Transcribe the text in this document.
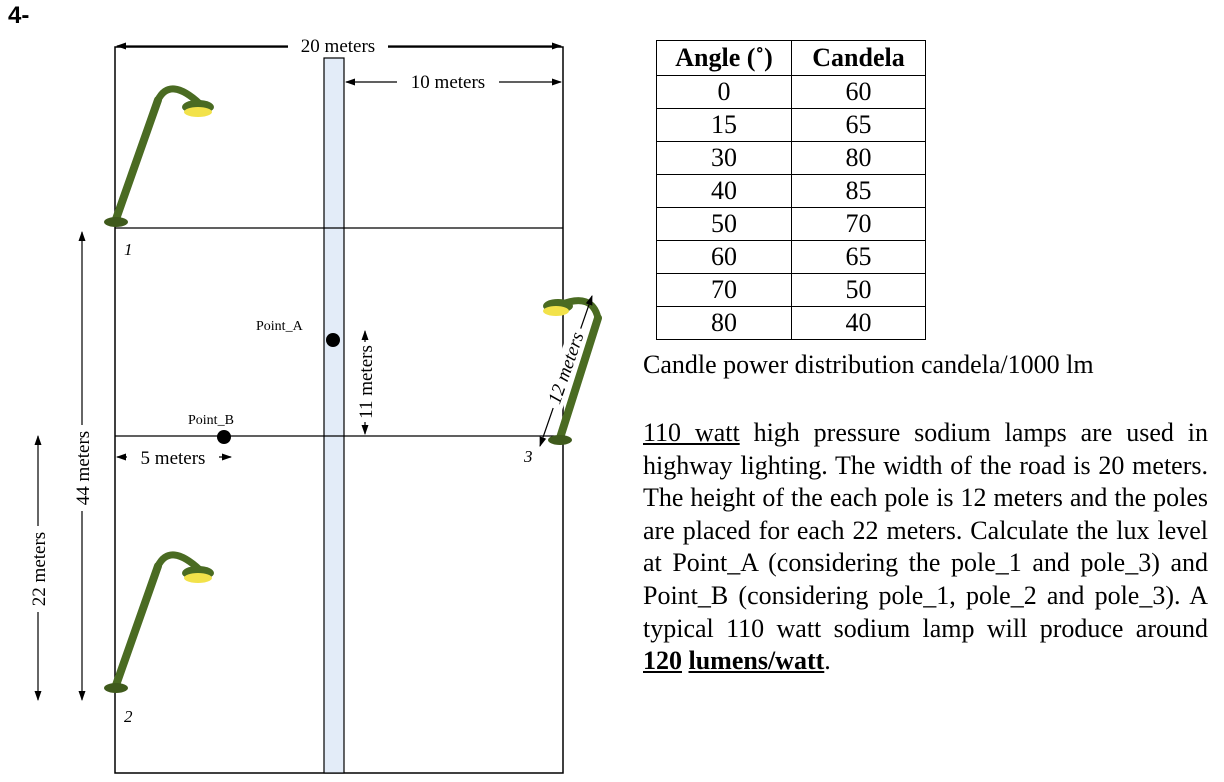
4-
20 meters
10 meters
Point_A
Point_B
5 meters
11 meters
44 meters
22 meters
1
2
3
12 meters
Angle (˚)	Candela
0	60
15	65
30	80
40	85
50	70
60	65
70	50
80	40
Candle power distribution candela/1000 lm
110 watt high pressure sodium lamps are used in highway lighting. The width of the road is 20 meters. The height of the each pole is 12 meters and the poles are placed for each 22 meters. Calculate the lux level at Point_A (considering the pole_1 and pole_3) and Point_B (considering pole_1, pole_2 and pole_3). A typical 110 watt sodium lamp will produce around 120 lumens/watt.
